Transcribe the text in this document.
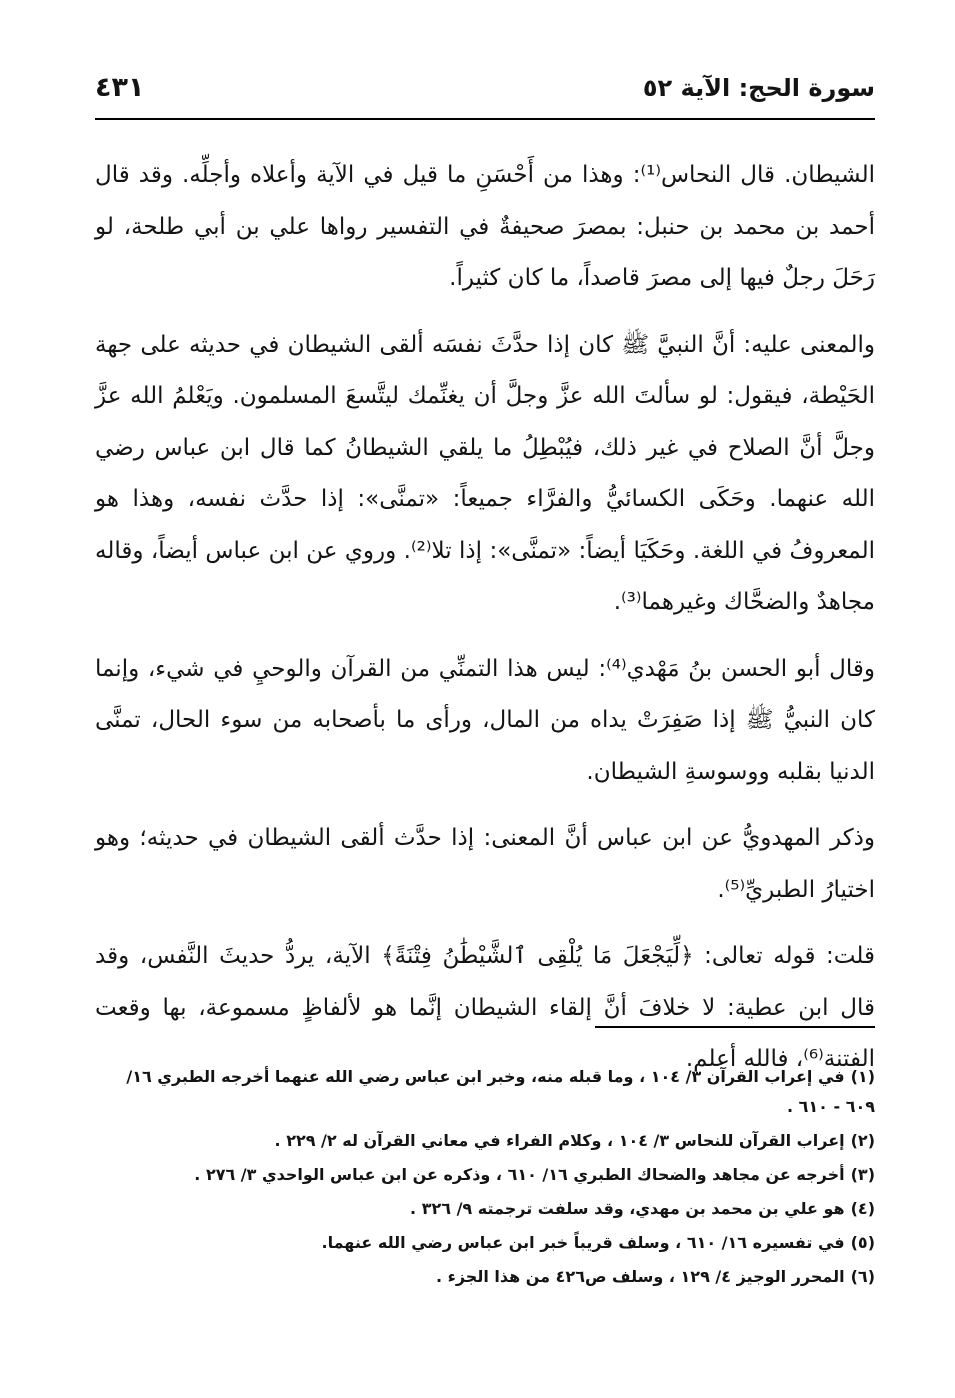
سورة الحج: الآية ٥٢
٤٣١

الشيطان. قال النحاس⁽¹⁾: وهذا من أَحْسَنِ ما قيل في الآية وأعلاه وأجلِّه. وقد قال أحمد بن محمد بن حنبل: بمصرَ صحيفةٌ في التفسير رواها علي بن أبي طلحة، لو رَحَلَ رجلٌ فيها إلى مصرَ قاصداً، ما كان كثيراً.

والمعنى عليه: أنَّ النبيَّ ﷺ كان إذا حدَّثَ نفسَه ألقى الشيطان في حديثه على جهة الحَيْطة، فيقول: لو سألتَ الله عزَّ وجلَّ أن يغنِّمك ليتَّسعَ المسلمون. ويَعْلمُ الله عزَّ وجلَّ أنَّ الصلاح في غير ذلك، فيُبْطِلُ ما يلقي الشيطانُ كما قال ابن عباس رضي الله عنهما. وحَكَى الكسائيُّ والفرَّاء جميعاً: «تمنَّى»: إذا حدَّث نفسه، وهذا هو المعروفُ في اللغة. وحَكَيَا أيضاً: «تمنَّى»: إذا تلا⁽²⁾. وروي عن ابن عباس أيضاً، وقاله مجاهدٌ والضحَّاك وغيرهما⁽³⁾.

وقال أبو الحسن بنُ مَهْدي⁽⁴⁾: ليس هذا التمنِّي من القرآن والوحيِ في شيء، وإنما كان النبيُّ ﷺ إذا صَفِرَتْ يداه من المال، ورأى ما بأصحابه من سوء الحال، تمنَّى الدنيا بقلبه ووسوسةِ الشيطان.

وذكر المهدويُّ عن ابن عباس أنَّ المعنى: إذا حدَّث ألقى الشيطان في حديثه؛ وهو اختيارُ الطبريِّ⁽⁵⁾.

قلت: قوله تعالى: ﴿لِّيَجْعَلَ مَا يُلْقِى ٱلشَّيْطَٰنُ فِتْنَةً﴾ الآية، يردُّ حديثَ النَّفس، وقد قال ابن عطية: لا خلافَ أنَّ إلقاء الشيطان إنَّما هو لألفاظٍ مسموعة، بها وقعت الفتنة⁽⁶⁾، فالله أعلم.

(١)في إعراب القرآن ٣/ ١٠٤ ، وما قبله منه، وخبر ابن عباس رضي الله عنهما أخرجه الطبري ١٦/ ٦٠٩ - ٦١٠ .

(٢)إعراب القرآن للنحاس ٣/ ١٠٤ ، وكلام الفراء في معاني القرآن له ٢/ ٢٢٩ .

(٣)أخرجه عن مجاهد والضحاك الطبري ١٦/ ٦١٠ ، وذكره عن ابن عباس الواحدي ٣/ ٢٧٦ .

(٤)هو علي بن محمد بن مهدي، وقد سلفت ترجمته ٩/ ٣٢٦ .

(٥)في تفسيره ١٦/ ٦١٠ ، وسلف قريباً خبر ابن عباس رضي الله عنهما.

(٦)المحرر الوجيز ٤/ ١٢٩ ، وسلف ص٤٢٦ من هذا الجزء .
